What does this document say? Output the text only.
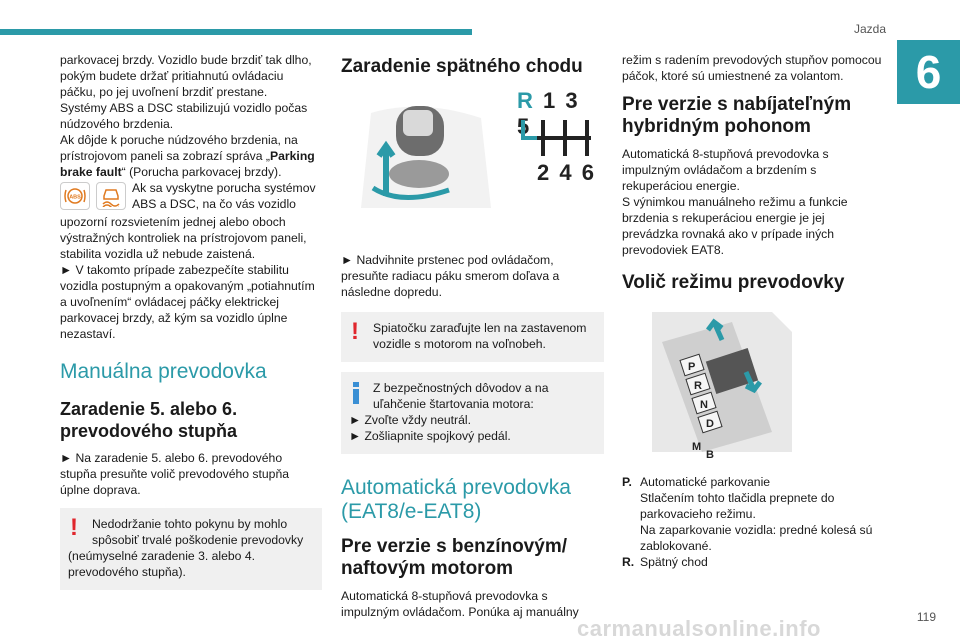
Jazda
6
119
carmanualsonline.info

parkovacej brzdy. Vozidlo bude brzdiť tak dlho, pokým budete držať pritiahnutú ovládaciu páčku, po jej uvoľnení brzdiť prestane.

Systémy ABS a DSC stabilizujú vozidlo počas núdzového brzdenia.

Ak dôjde k poruche núdzového brzdenia, na prístrojovom paneli sa zobrazí správa „Parking brake fault“ (Porucha parkovacej brzdy).

ABS

Ak sa vyskytne porucha systémov

ABS a DSC, na čo vás vozidlo

upozorní rozsvietením jednej alebo oboch výstražných kontroliek na prístrojovom paneli, stabilita vozidla už nebude zaistená.

► V takomto prípade zabezpečíte stabilitu vozidla postupným a opakovaným „potiahnutím a uvoľnením“ ovládacej páčky elektrickej parkovacej brzdy, až kým sa vozidlo úplne nezastaví.

Manuálna prevodovka
Zaradenie 5. alebo 6. prevodového stupňa

► Na zaradenie 5. alebo 6. prevodového stupňa presuňte volič prevodového stupňa úplne doprava.

!	Nedodržanie tohto pokynu by mohlo

spôsobiť trvalé poškodenie prevodovky

(neúmyselné zaradenie 3. alebo 4. prevodového stupňa).

Zaradenie spätného chodu
R 1 3 5
2 4 6

► Nadvihnite prstenec pod ovládačom, presuňte radiacu páku smerom doľava a následne dopredu.

!	Spiatočku zaraďujte len na zastavenom

vozidle s motorom na voľnobeh.

Z bezpečnostných dôvodov a na

uľahčenie štartovania motora:

► Zvoľte vždy neutrál.

► Zošliapnite spojkový pedál.

Automatická prevodovka (EAT8/e-EAT8)
Pre verzie s benzínovým/ naftovým motorom

Automatická 8-stupňová prevodovka s impulzným ovládačom. Ponúka aj manuálny

režim s radením prevodových stupňov pomocou páčok, ktoré sú umiestnené za volantom.

Pre verzie s nabíjateľným hybridným pohonom

Automatická 8-stupňová prevodovka s impulzným ovládačom a brzdením s rekuperáciou energie.

S výnimkou manuálneho režimu a funkcie brzdenia s rekuperáciou energie je jej prevádzka rovnaká ako v prípade iných prevodoviek EAT8.

Volič režimu prevodovky
P
R
N
D
M
B

P. Automatické parkovanie

Stlačením tohto tlačidla prepnete do parkovacieho režimu.

Na zaparkovanie vozidla: predné kolesá sú zablokované.

R. Spätný chod
